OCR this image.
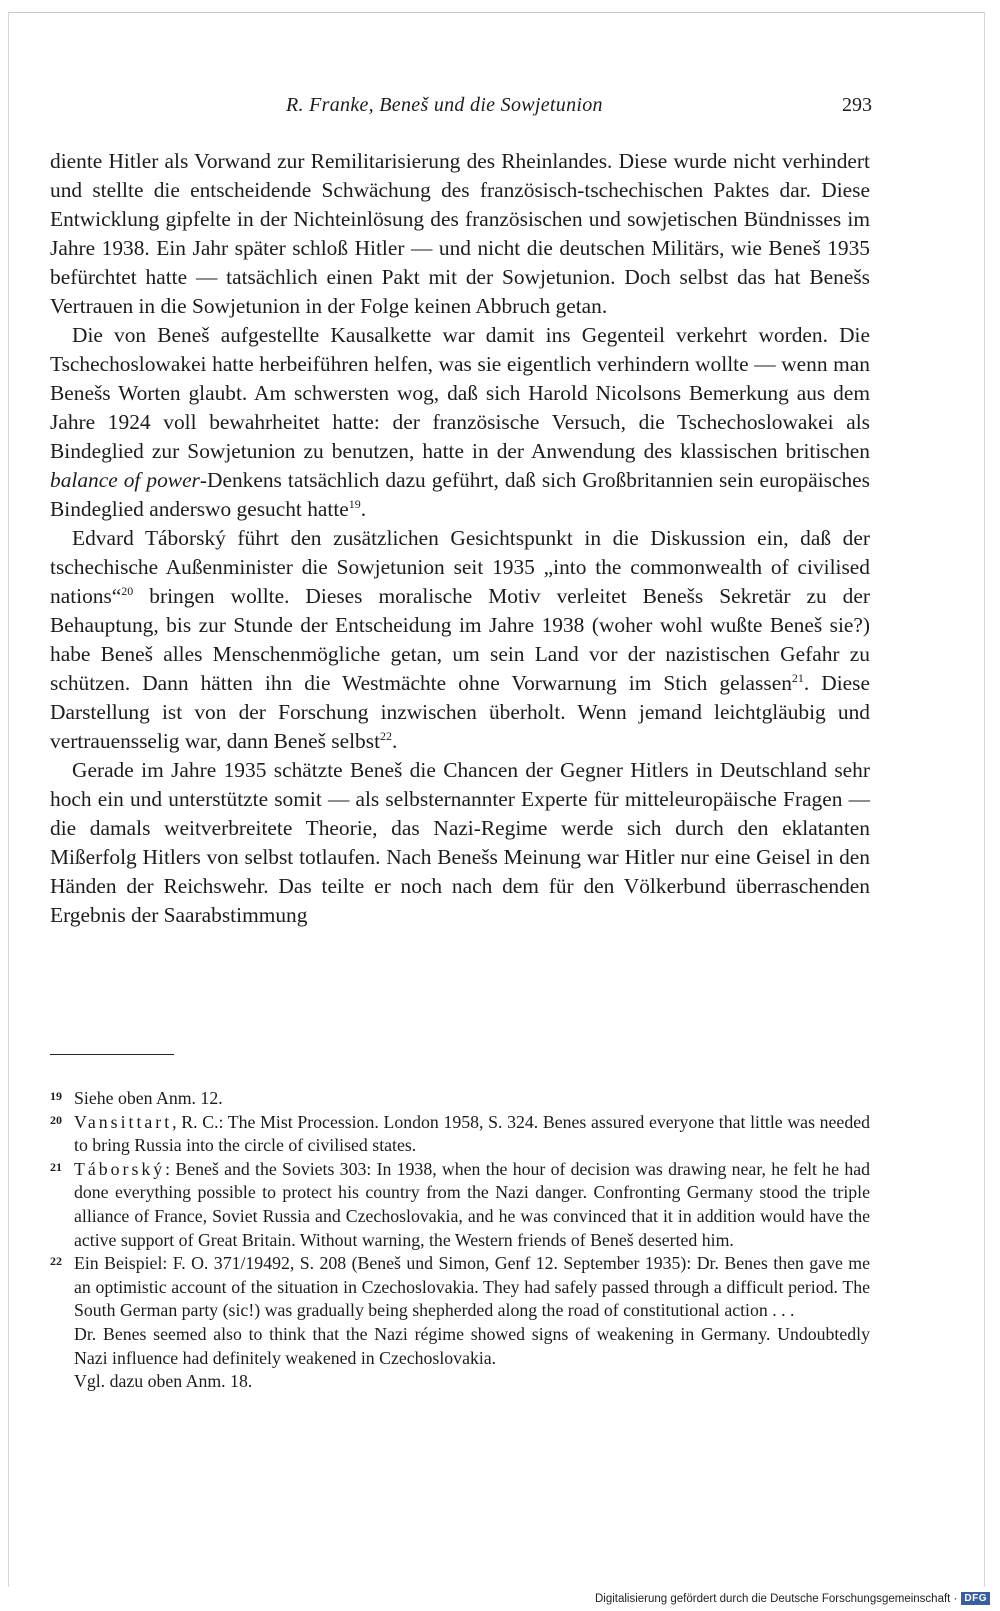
R. Franke, Beneš und die Sowjetunion	293

diente Hitler als Vorwand zur Remilitarisierung des Rheinlandes. Diese wurde nicht verhindert und stellte die entscheidende Schwächung des französisch-tschechischen Paktes dar. Diese Entwicklung gipfelte in der Nichteinlösung des französischen und sowjetischen Bündnisses im Jahre 1938. Ein Jahr später schloß Hitler — und nicht die deutschen Militärs, wie Beneš 1935 befürchtet hatte — tatsächlich einen Pakt mit der Sowjetunion. Doch selbst das hat Benešs Vertrauen in die Sowjetunion in der Folge keinen Abbruch getan.

Die von Beneš aufgestellte Kausalkette war damit ins Gegenteil verkehrt worden. Die Tschechoslowakei hatte herbeiführen helfen, was sie eigentlich verhindern wollte — wenn man Benešs Worten glaubt. Am schwersten wog, daß sich Harold Nicolsons Bemerkung aus dem Jahre 1924 voll bewahrheitet hatte: der französische Versuch, die Tschechoslowakei als Bindeglied zur Sowjetunion zu benutzen, hatte in der Anwendung des klassischen britischen balance of power-Denkens tatsächlich dazu geführt, daß sich Großbritannien sein europäisches Bindeglied anderswo gesucht hatte$^{19}$.

Edvard Táborský führt den zusätzlichen Gesichtspunkt in die Diskussion ein, daß der tschechische Außenminister die Sowjetunion seit 1935 „into the commonwealth of civilised nations“$^{20}$ bringen wollte. Dieses moralische Motiv verleitet Benešs Sekretär zu der Behauptung, bis zur Stunde der Entscheidung im Jahre 1938 (woher wohl wußte Beneš sie?) habe Beneš alles Menschenmögliche getan, um sein Land vor der nazistischen Gefahr zu schützen. Dann hätten ihn die Westmächte ohne Vorwarnung im Stich gelassen$^{21}$. Diese Darstellung ist von der Forschung inzwischen überholt. Wenn jemand leichtgläubig und vertrauensselig war, dann Beneš selbst$^{22}$.

Gerade im Jahre 1935 schätzte Beneš die Chancen der Gegner Hitlers in Deutschland sehr hoch ein und unterstützte somit — als selbsternannter Experte für mitteleuropäische Fragen — die damals weitverbreitete Theorie, das Nazi-Regime werde sich durch den eklatanten Mißerfolg Hitlers von selbst totlaufen. Nach Benešs Meinung war Hitler nur eine Geisel in den Händen der Reichswehr. Das teilte er noch nach dem für den Völkerbund überraschenden Ergebnis der Saarabstimmung

19 Siehe oben Anm. 12.

20 Vansittart, R. C.: The Mist Procession. London 1958, S. 324. Benes assured everyone that little was needed to bring Russia into the circle of civilised states.

21 Táborský: Beneš and the Soviets 303: In 1938, when the hour of decision was drawing near, he felt he had done everything possible to protect his country from the Nazi danger. Confronting Germany stood the triple alliance of France, Soviet Russia and Czechoslovakia, and he was convinced that it in addition would have the active support of Great Britain. Without warning, the Western friends of Beneš deserted him.

22 Ein Beispiel: F. O. 371/19492, S. 208 (Beneš und Simon, Genf 12. September 1935): Dr. Benes then gave me an optimistic account of the situation in Czechoslovakia. They had safely passed through a difficult period. The South German party (sic!) was gradually being shepherded along the road of constitutional action . . .

Dr. Benes seemed also to think that the Nazi régime showed signs of weakening in Germany. Undoubtedly Nazi influence had definitely weakened in Czechoslovakia.

Vgl. dazu oben Anm. 18.

Digitalisierung gefördert durch die Deutsche Forschungsgemeinschaft · DFG
